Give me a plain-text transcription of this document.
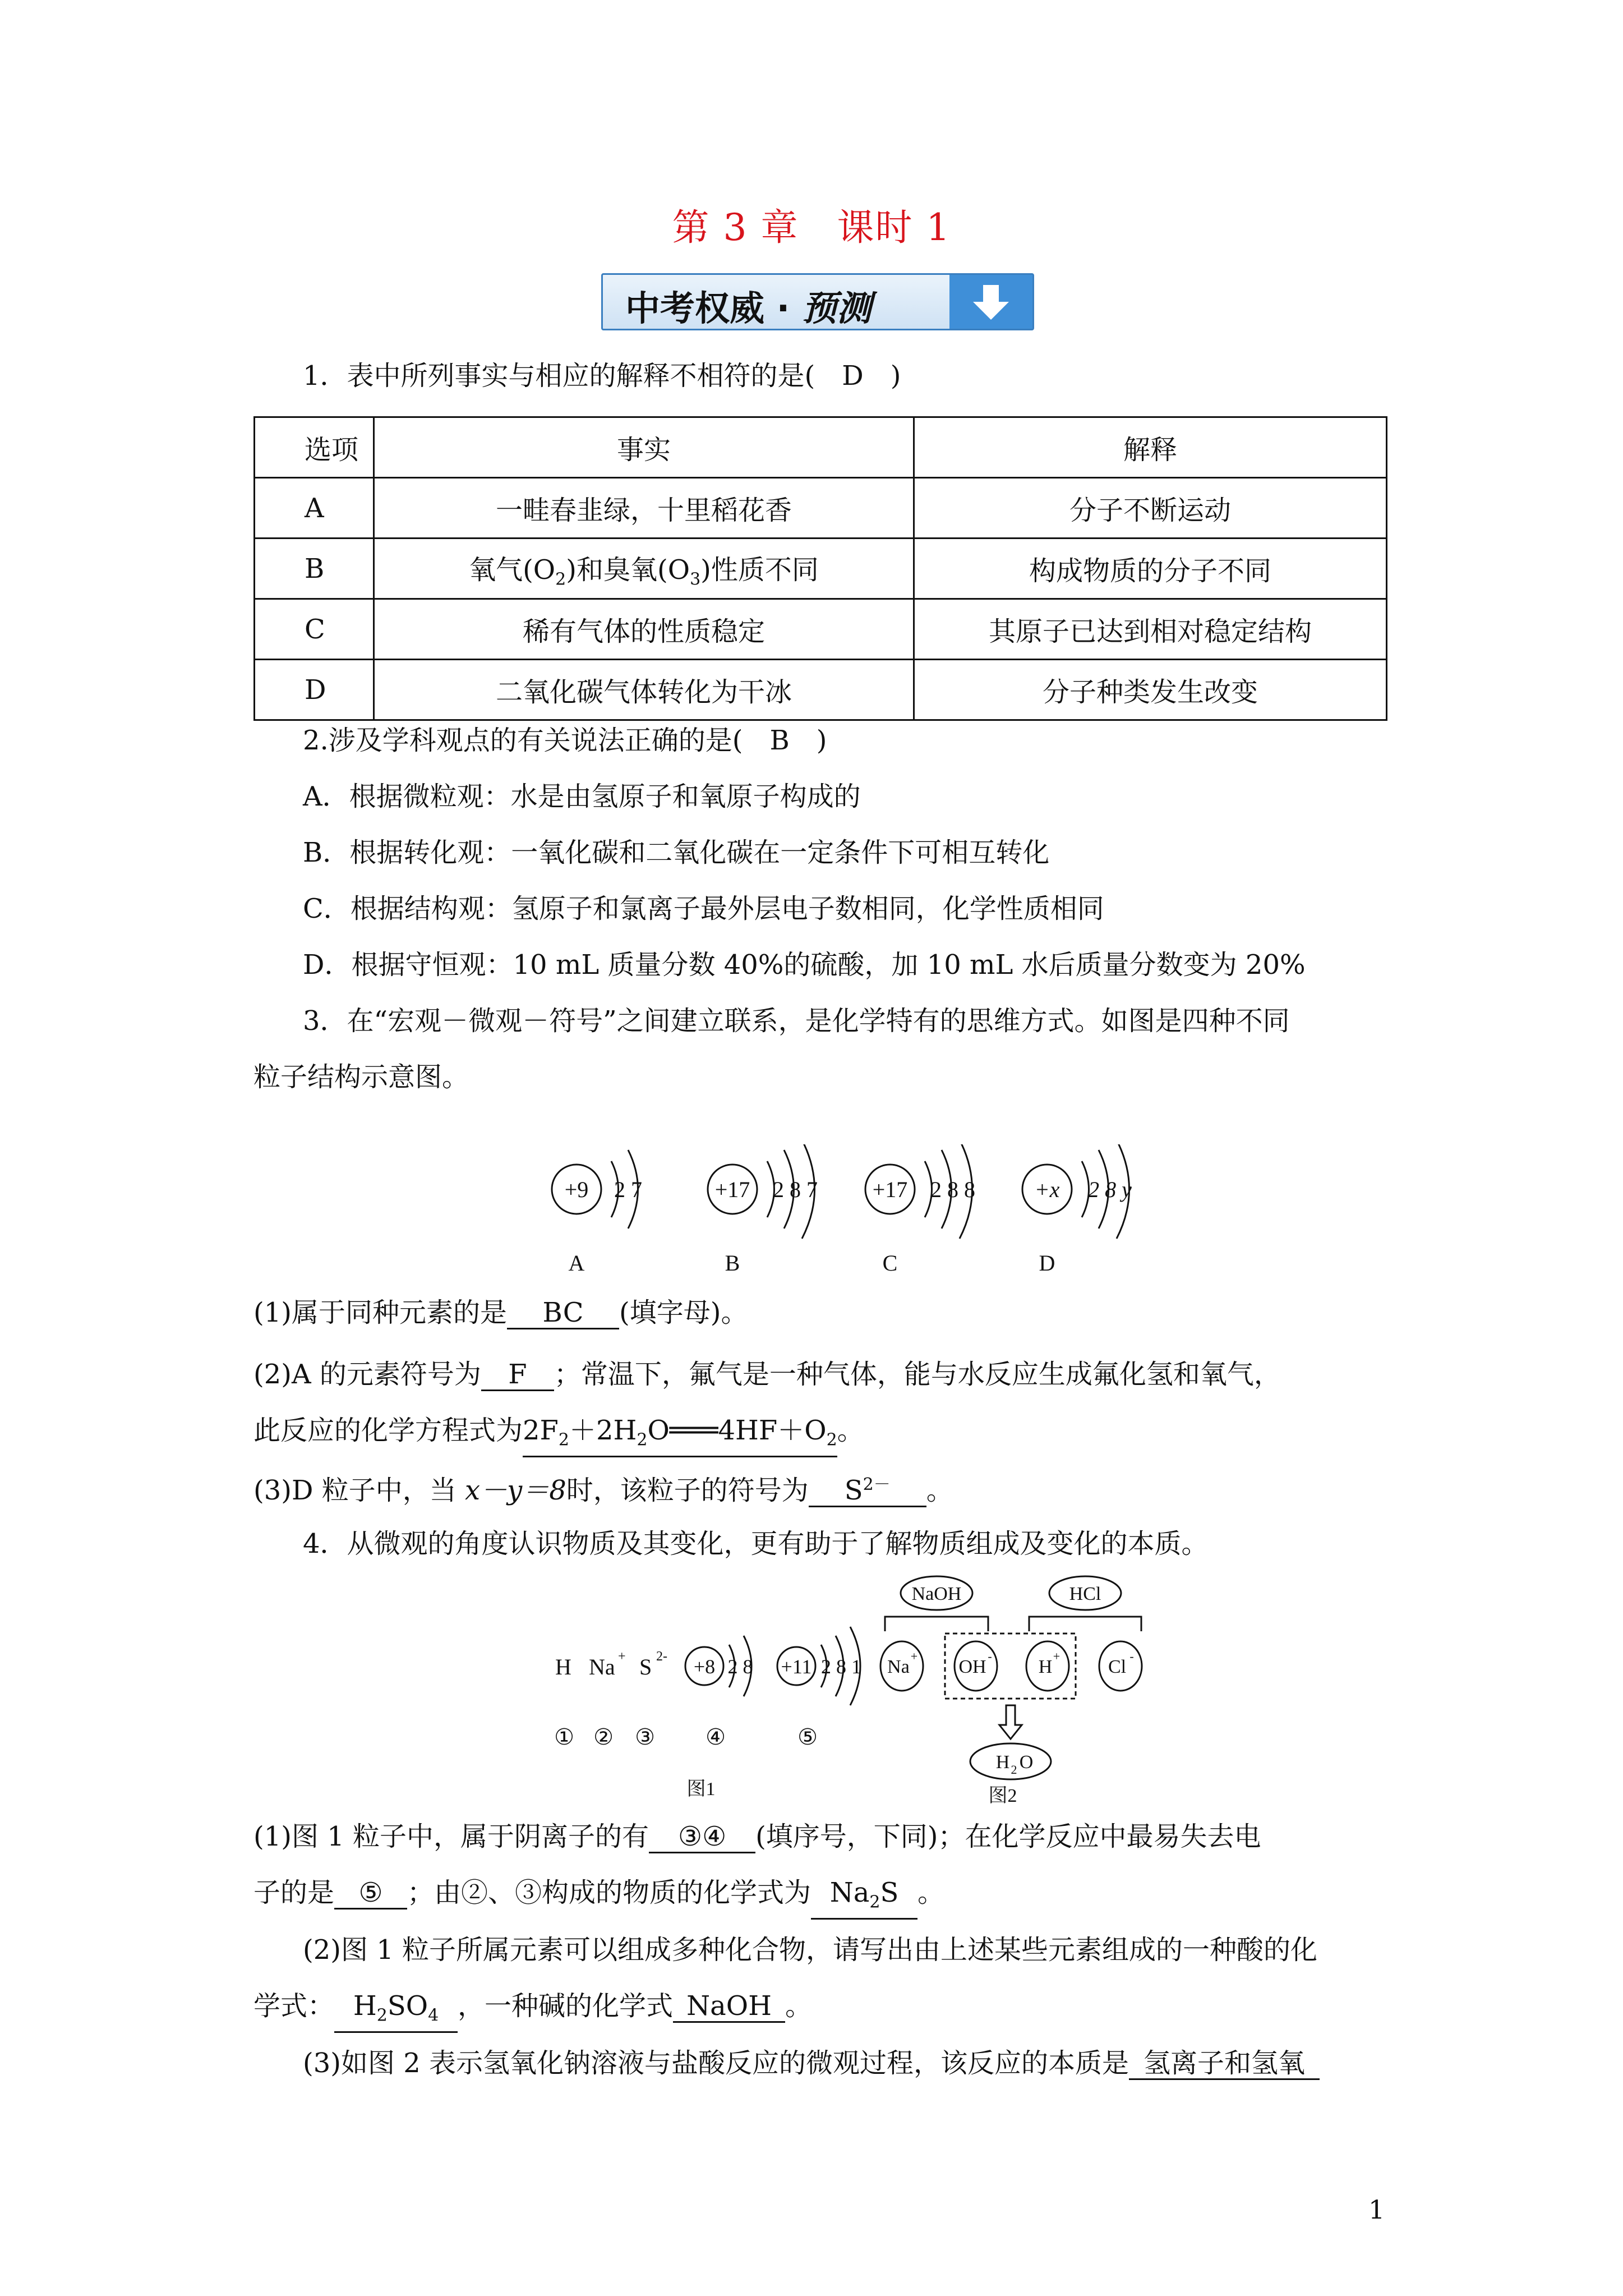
第 3 章　课时 1
中考权威 · 预测
1．表中所列事实与相应的解释不相符的是(　D　)
选项	事实	解释
A	一畦春韭绿，十里稻花香	分子不断运动
B	氧气$(O_2)$和臭氧$(O_3)$性质不同	构成物质的分子不同
C	稀有气体的性质稳定	其原子已达到相对稳定结构
D	二氧化碳气体转化为干冰	分子种类发生改变
2.涉及学科观点的有关说法正确的是(　B　)
A．根据微粒观：水是由氢原子和氧原子构成的
B．根据转化观：一氧化碳和二氧化碳在一定条件下可相互转化
C．根据结构观：氢原子和氯离子最外层电子数相同，化学性质相同
D．根据守恒观：10 mL 质量分数 40%的硫酸，加 10 mL 水后质量分数变为 20%
3．在“宏观－微观－符号”之间建立联系，是化学特有的思维方式。如图是四种不同
粒子结构示意图。
+9 2 7
A
+17 2 8 7
B
+17 2 8 8
C
+x 2 8 y
D
(1)属于同种元素的是 BC (填字母)。
(2)A 的元素符号为 F ；常温下，氟气是一种气体，能与水反应生成氟化氢和氧气，
此反应的化学方程式为$2F_2+2H_2O═══4HF+O_2$。
(3)D 粒子中，当 x－y＝8时，该粒子的符号为 $S^{2-}$ 。
4．从微观的角度认识物质及其变化，更有助于了解物质组成及变化的本质。
H Na + S 2- +8 2 8 +11 2 8 1
① ② ③ ④	⑤
图1
NaOH	HCl
Na
+
OH
-
H
+
Cl
-
H 2 O
图2
(1)图 1 粒子中，属于阴离子的有 ③④ (填序号，下同)；在化学反应中最易失去电
子的是 ⑤ ；由②、③构成的物质的化学式为 $Na_2S$ 。
(2)图 1 粒子所属元素可以组成多种化合物，请写出由上述某些元素组成的一种酸的化
学式： $H_2SO_4$ ，一种碱的化学式 NaOH 。
(3)如图 2 表示氢氧化钠溶液与盐酸反应的微观过程，该反应的本质是 氢离子和氢氧
1
